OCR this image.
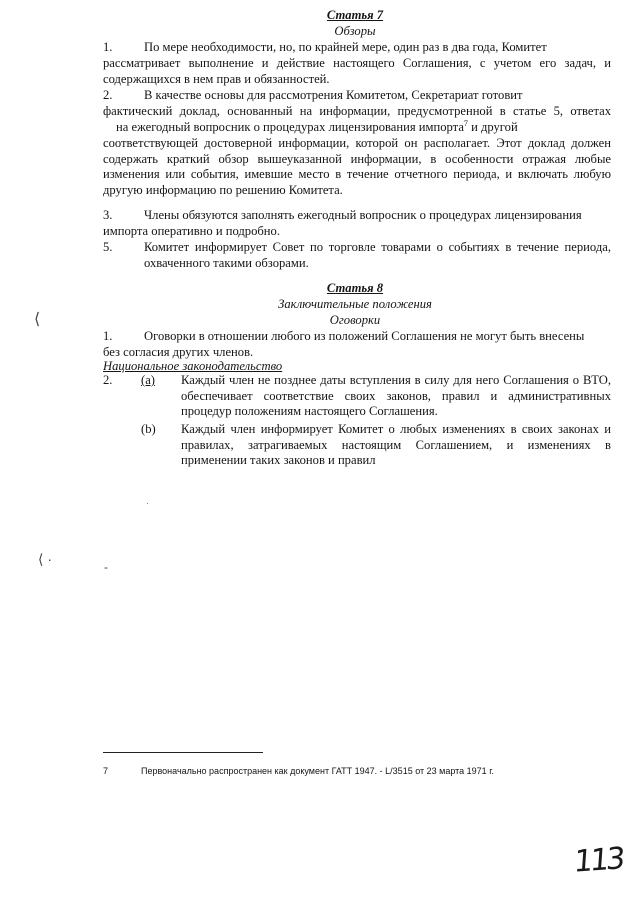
Статья 7
Обзоры
1.	По мере необходимости, но, по крайней мере, один раз в два года, Комитет
рассматривает выполнение и действие настоящего Соглашения, с учетом его задач, и содержащихся в нем прав и обязанностей.
2.	В качестве основы для рассмотрения Комитетом, Секретариат готовит
фактический доклад, основанный на информации, предусмотренной в статье 5, ответах
на ежегодный вопросник о процедурах лицензирования импорта$^7$ и другой
соответствующей достоверной информации, которой он располагает. Этот доклад должен содержать краткий обзор вышеуказанной информации, в особенности отражая любые изменения или события, имевшие место в течение отчетного периода, и включать любую другую информацию по решению Комитета.
3.	Члены обязуются заполнять ежегодный вопросник о процедурах лицензирования
импорта оперативно и подробно.
5.	Комитет информирует Совет по торговле товарами о событиях в течение периода, охваченного такими обзорами.
Статья 8
Заключительные положения
Оговорки
1.	Оговорки в отношении любого из положений Соглашения не могут быть внесены
без согласия других членов.
Национальное законодательство
2. (a) Каждый член не позднее даты вступления в силу для него Соглашения о ВТО, обеспечивает соответствие своих законов, правил и административных процедур положениям настоящего Соглашения.
(b) Каждый член информирует Комитет о любых изменениях в своих законах и правилах, затрагиваемых настоящим Соглашением, и изменениях в применении таких законов и правил
⟨
⟨ ·	-
·
7	Первоначально распространен как документ ГАТТ 1947. - L/3515 от 23 марта 1971 г.
113
